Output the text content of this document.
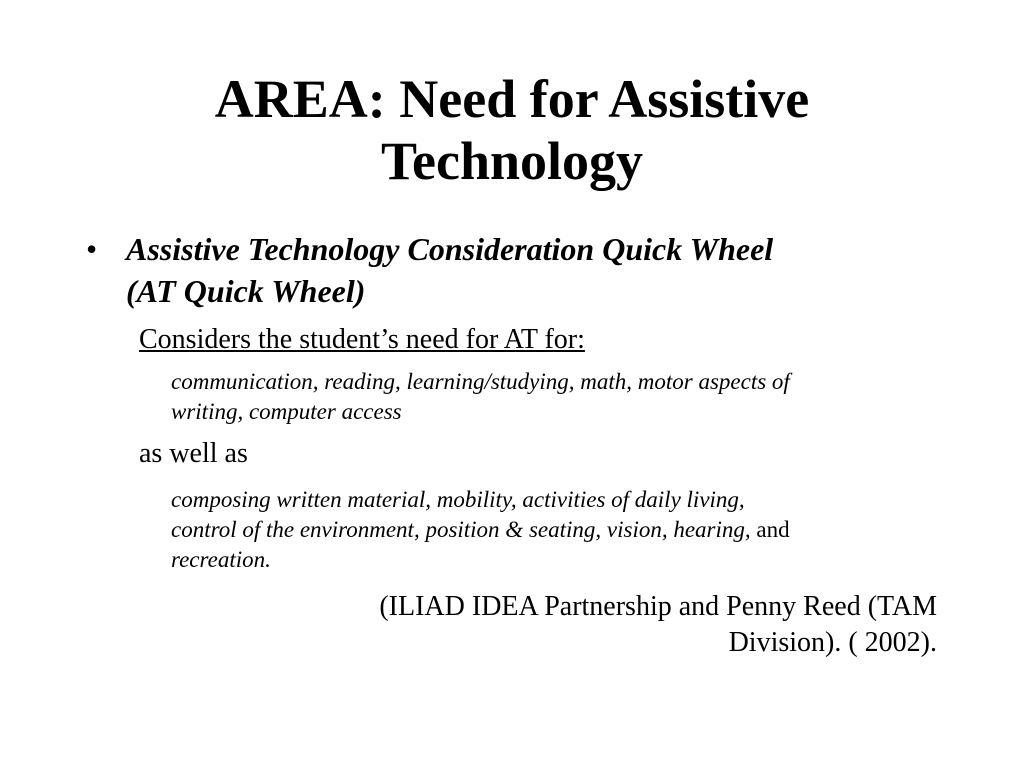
AREA: Need for Assistive
Technology
• Assistive Technology Consideration Quick Wheel
(AT Quick Wheel)
Considers the student’s need for AT for:
communication, reading, learning/studying, math, motor aspects of
writing, computer access
as well as
composing written material, mobility, activities of daily living,
control of the environment, position & seating, vision, hearing, and
recreation.
(ILIAD IDEA Partnership and Penny Reed (TAM
Division). ( 2002).
